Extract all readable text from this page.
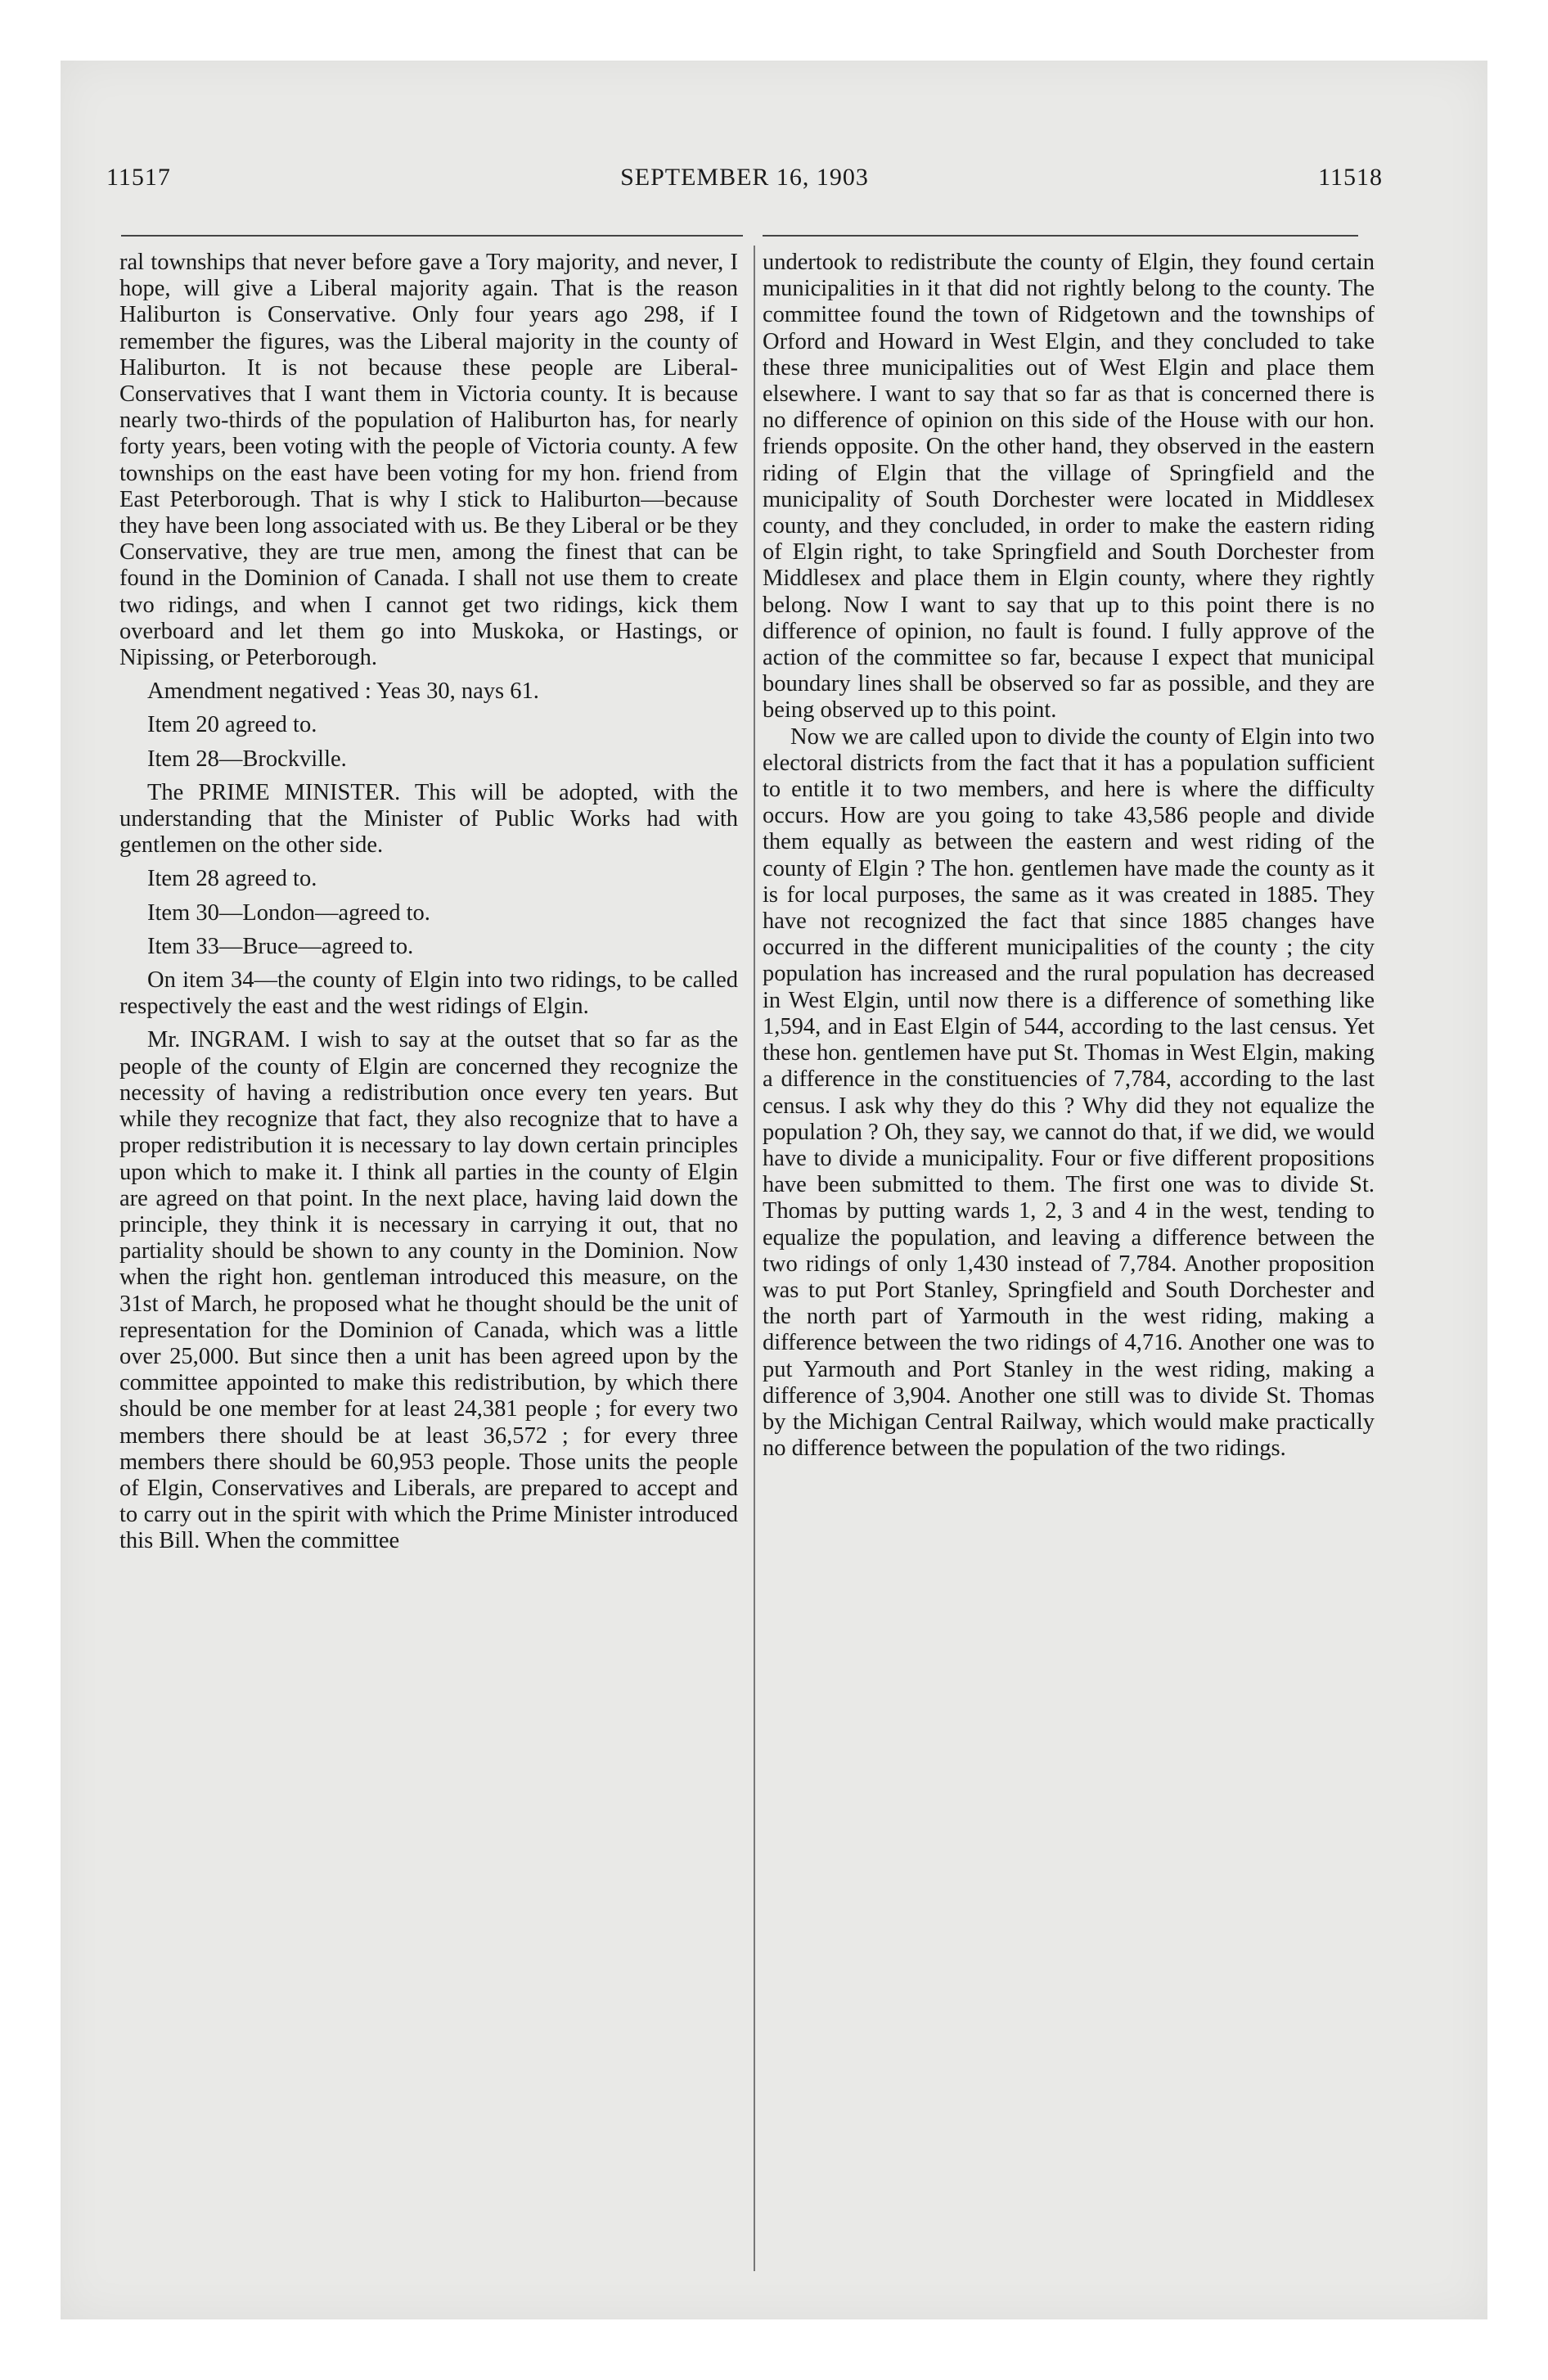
11517	SEPTEMBER 16, 1903	11518

ral townships that never before gave a Tory majority, and never, I hope, will give a Liberal majority again. That is the reason Haliburton is Conservative. Only four years ago 298, if I remember the figures, was the Liberal majority in the county of Haliburton. It is not because these people are Liberal-Conservatives that I want them in Victoria county. It is because nearly two-thirds of the population of Haliburton has, for nearly forty years, been voting with the people of Victoria county. A few townships on the east have been voting for my hon. friend from East Peterborough. That is why I stick to Haliburton—because they have been long associated with us. Be they Liberal or be they Conservative, they are true men, among the finest that can be found in the Dominion of Canada. I shall not use them to create two ridings, and when I cannot get two ridings, kick them overboard and let them go into Muskoka, or Hastings, or Nipissing, or Peterborough.

Amendment negatived : Yeas 30, nays 61.

Item 20 agreed to.

Item 28—Brockville.

The PRIME MINISTER. This will be adopted, with the understanding that the Minister of Public Works had with gentlemen on the other side.

Item 28 agreed to.

Item 30—London—agreed to.

Item 33—Bruce—agreed to.

On item 34—the county of Elgin into two ridings, to be called respectively the east and the west ridings of Elgin.

Mr. INGRAM. I wish to say at the outset that so far as the people of the county of Elgin are concerned they recognize the necessity of having a redistribution once every ten years. But while they recognize that fact, they also recognize that to have a proper redistribution it is necessary to lay down certain principles upon which to make it. I think all parties in the county of Elgin are agreed on that point. In the next place, having laid down the principle, they think it is necessary in carrying it out, that no partiality should be shown to any county in the Dominion. Now when the right hon. gentleman introduced this measure, on the 31st of March, he proposed what he thought should be the unit of representation for the Dominion of Canada, which was a little over 25,000. But since then a unit has been agreed upon by the committee appointed to make this redistribution, by which there should be one member for at least 24,381 people ; for every two members there should be at least 36,572 ; for every three members there should be 60,953 people. Those units the people of Elgin, Conservatives and Liberals, are prepared to accept and to carry out in the spirit with which the Prime Minister introduced this Bill. When the committee

undertook to redistribute the county of Elgin, they found certain municipalities in it that did not rightly belong to the county. The committee found the town of Ridgetown and the townships of Orford and Howard in West Elgin, and they concluded to take these three municipalities out of West Elgin and place them elsewhere. I want to say that so far as that is concerned there is no difference of opinion on this side of the House with our hon. friends opposite. On the other hand, they observed in the eastern riding of Elgin that the village of Springfield and the municipality of South Dorchester were located in Middlesex county, and they concluded, in order to make the eastern riding of Elgin right, to take Springfield and South Dorchester from Middlesex and place them in Elgin county, where they rightly belong. Now I want to say that up to this point there is no difference of opinion, no fault is found. I fully approve of the action of the committee so far, because I expect that municipal boundary lines shall be observed so far as possible, and they are being observed up to this point.

Now we are called upon to divide the county of Elgin into two electoral districts from the fact that it has a population sufficient to entitle it to two members, and here is where the difficulty occurs. How are you going to take 43,586 people and divide them equally as between the eastern and west riding of the county of Elgin ? The hon. gentlemen have made the county as it is for local purposes, the same as it was created in 1885. They have not recognized the fact that since 1885 changes have occurred in the different municipalities of the county ; the city population has increased and the rural population has decreased in West Elgin, until now there is a difference of something like 1,594, and in East Elgin of 544, according to the last census. Yet these hon. gentlemen have put St. Thomas in West Elgin, making a difference in the constituencies of 7,784, according to the last census. I ask why they do this ? Why did they not equalize the population ? Oh, they say, we cannot do that, if we did, we would have to divide a municipality. Four or five different propositions have been submitted to them. The first one was to divide St. Thomas by putting wards 1, 2, 3 and 4 in the west, tending to equalize the population, and leaving a difference between the two ridings of only 1,430 instead of 7,784. Another proposition was to put Port Stanley, Springfield and South Dorchester and the north part of Yarmouth in the west riding, making a difference between the two ridings of 4,716. Another one was to put Yarmouth and Port Stanley in the west riding, making a difference of 3,904. Another one still was to divide St. Thomas by the Michigan Central Railway, which would make practically no difference between the population of the two ridings.
